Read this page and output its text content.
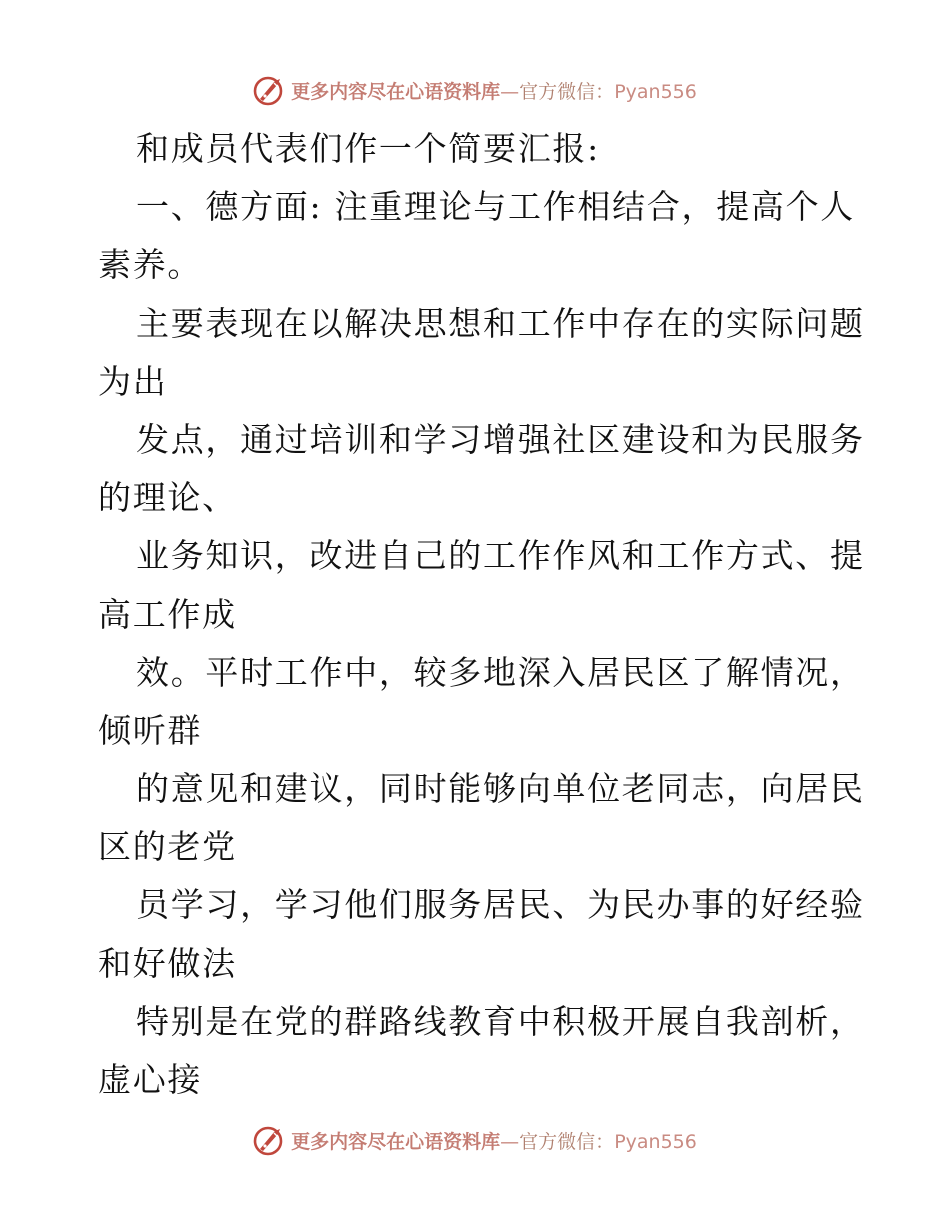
更多内容尽在心语资料库—官方微信：Pyan556
和成员代表们作一个简要汇报:
一、德方面: 注重理论与工作相结合，提高个人
素养。
主要表现在以解决思想和工作中存在的实际问题
为出
发点，通过培训和学习增强社区建设和为民服务
的理论、
业务知识，改进自己的工作作风和工作方式、提
高工作成
效。平时工作中，较多地深入居民区了解情况，
倾听群
的意见和建议，同时能够向单位老同志，向居民
区的老党
员学习，学习他们服务居民、为民办事的好经验
和好做法
特别是在党的群路线教育中积极开展自我剖析，
虚心接
更多内容尽在心语资料库—官方微信：Pyan556
